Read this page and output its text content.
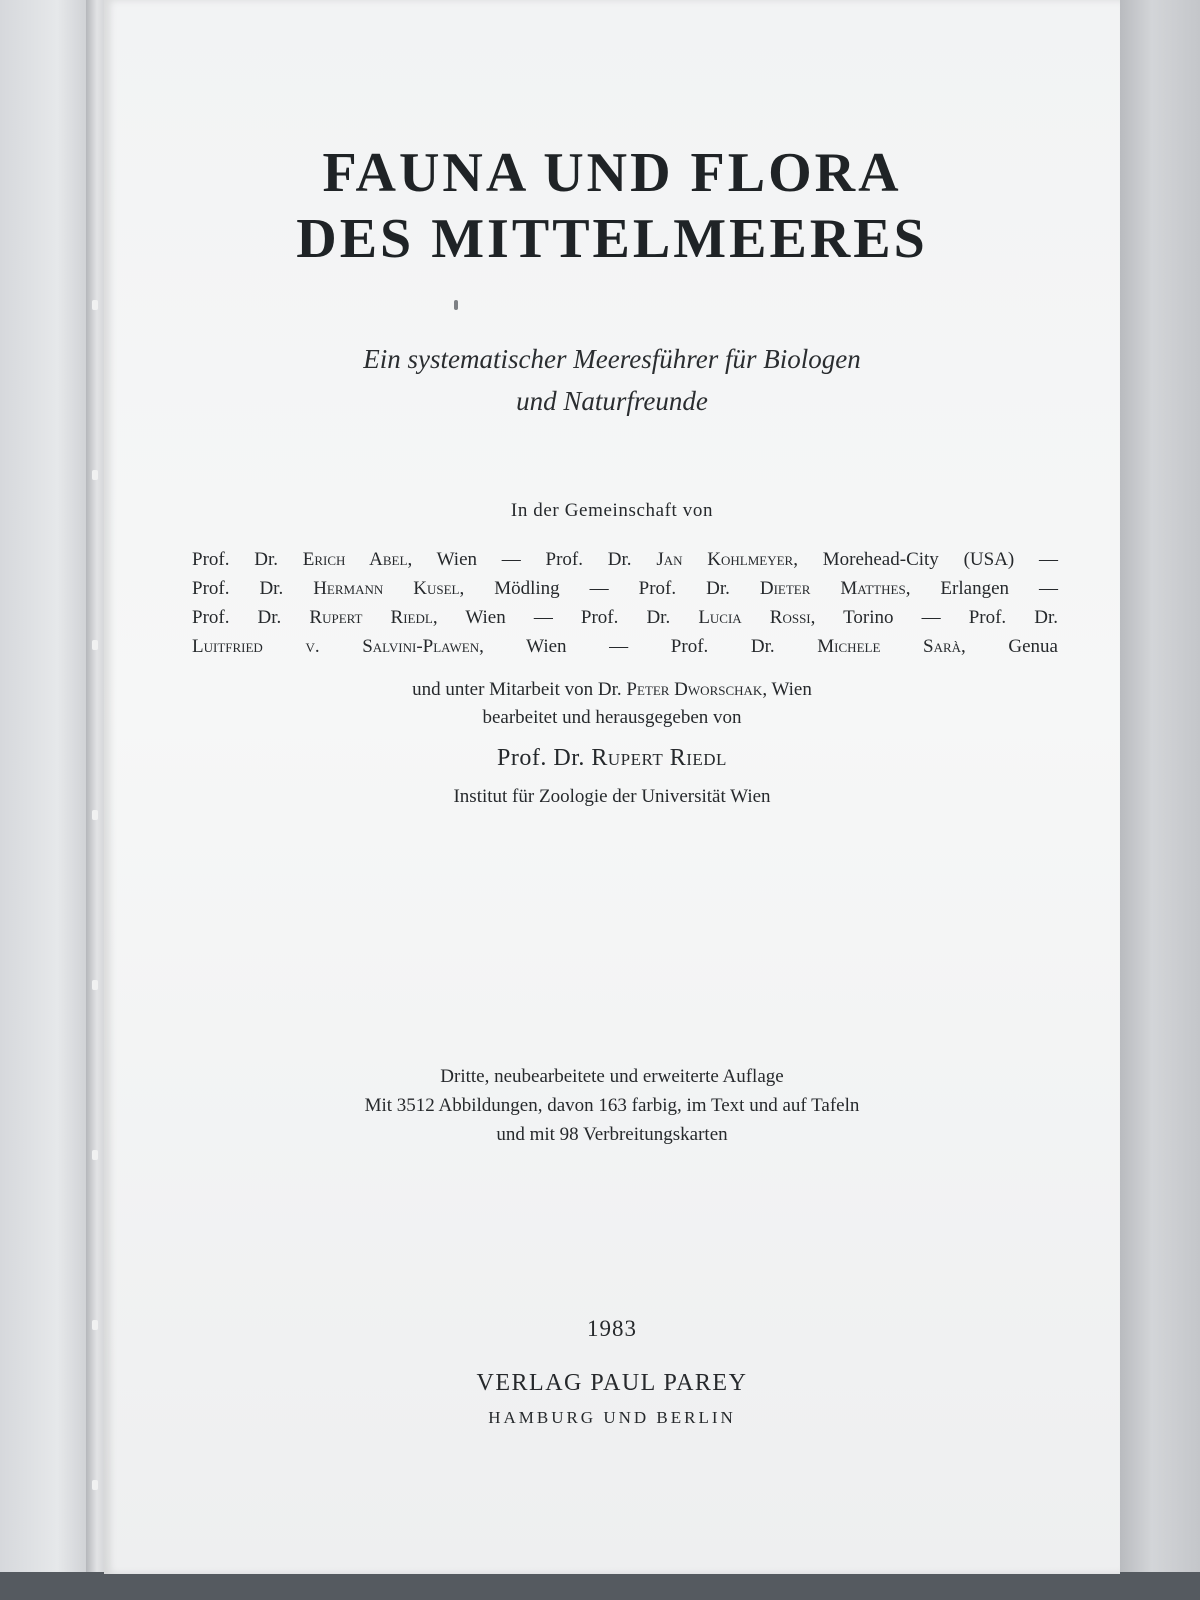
FAUNA UND FLORA
DES MITTELMEERES
Ein systematischer Meeresführer für Biologen
und Naturfreunde
In der Gemeinschaft von
Prof. Dr. Erich Abel, Wien — Prof. Dr. Jan Kohlmeyer, Morehead-City (USA) —
Prof. Dr. Hermann Kusel, Mödling — Prof. Dr. Dieter Matthes, Erlangen —
Prof. Dr. Rupert Riedl, Wien — Prof. Dr. Lucia Rossi, Torino — Prof. Dr.
Luitfried v. Salvini-Plawen, Wien — Prof. Dr. Michele Sarà, Genua
und unter Mitarbeit von Dr. Peter Dworschak, Wien
bearbeitet und herausgegeben von
Prof. Dr. Rupert Riedl
Institut für Zoologie der Universität Wien
Dritte, neubearbeitete und erweiterte Auflage
Mit 3512 Abbildungen, davon 163 farbig, im Text und auf Tafeln
und mit 98 Verbreitungskarten
1983
VERLAG PAUL PAREY
HAMBURG UND BERLIN
